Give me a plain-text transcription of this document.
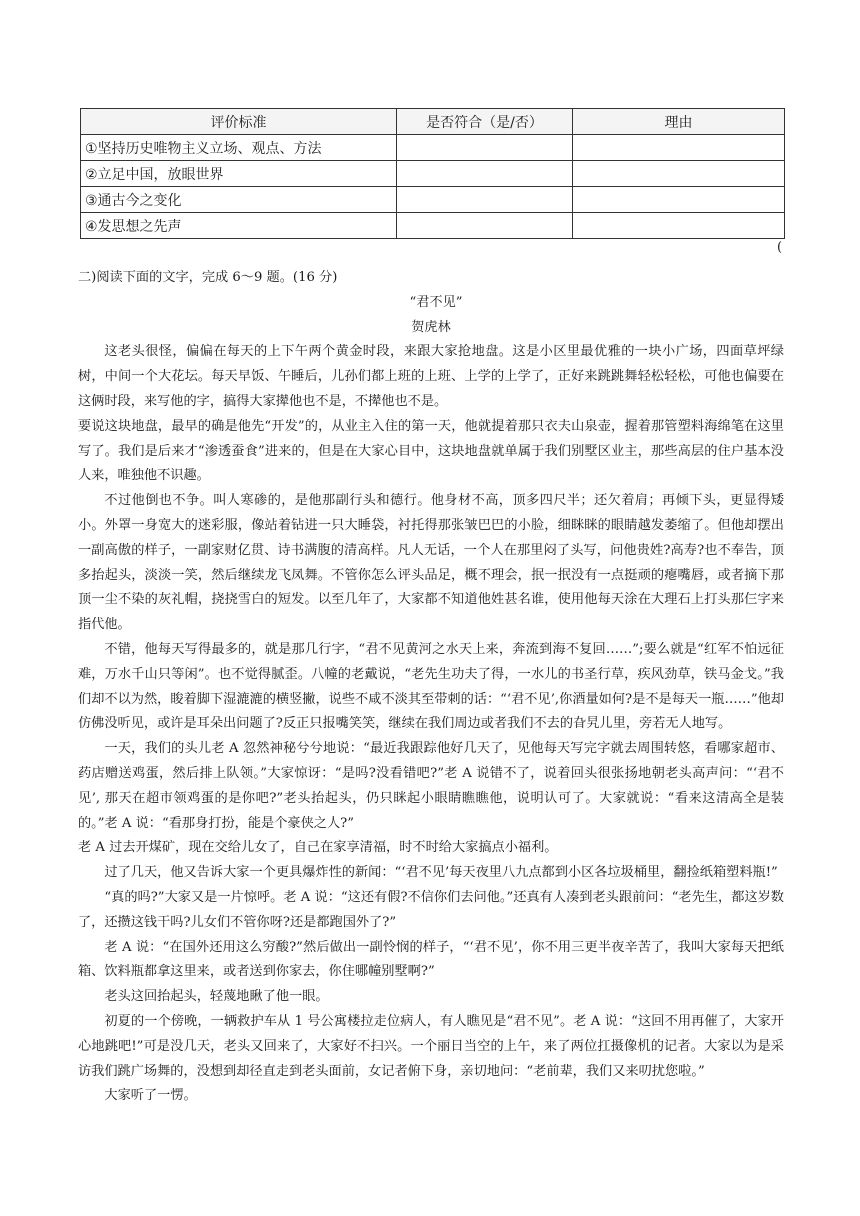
评价标准	是否符合（是/否）	理由
①坚持历史唯物主义立场、观点、方法		
②立足中国，放眼世界		
③通古今之变化		
④发思想之先声		
(

二)阅读下面的文字，完成 6～9 题。(16 分)

“君不见”

贺虎林

这老头很怪，偏偏在每天的上下午两个黄金时段，来跟大家抢地盘。这是小区里最优雅的一块小广场，四面草坪绿树，中间一个大花坛。每天早饭、午睡后，儿孙们都上班的上班、上学的上学了，正好来跳跳舞轻松轻松，可他也偏要在这俩时段，来写他的字，搞得大家撵他也不是，不撵他也不是。

要说这块地盘，最早的确是他先“开发”的，从业主入住的第一天，他就提着那只衣夫山泉壶，握着那管塑料海绵笔在这里写了。我们是后来才“渗透蚕食”进来的，但是在大家心目中，这块地盘就单属于我们别墅区业主，那些高层的住户基本没人来，唯独他不识趣。

不过他倒也不争。叫人寒碜的，是他那副行头和德行。他身材不高，顶多四尺半；还欠着肩；再倾下头，更显得矮小。外罩一身宽大的迷彩服，像站着钻进一只大睡袋，衬托得那张皱巴巴的小脸，细眯眯的眼睛越发萎缩了。但他却摆出一副高傲的样子，一副家财亿贯、诗书满腹的清高样。凡人无话，一个人在那里闷了头写，问他贵姓?高寿?也不奉告，顶多抬起头，淡淡一笑，然后继续龙飞凤舞。不管你怎么评头品足，概不理会，抿一抿没有一点挺顽的瘪嘴唇，或者摘下那顶一尘不染的灰礼帽，挠挠雪白的短发。以至几年了，大家都不知道他姓甚名谁，使用他每天涂在大理石上打头那仨字来指代他。

不错，他每天写得最多的，就是那几行字，“君不见黄河之水天上来，奔流到海不复回……”;要么就是“红军不怕远征难，万水千山只等闲”。也不觉得腻歪。八幢的老戴说，“老先生功夫了得，一水儿的书圣行草，疾风劲草，铁马金戈。”我们却不以为然，睃着脚下湿漉漉的横竖撇，说些不咸不淡其至带刺的话：“‘君不见’,你酒量如何?是不是每天一瓶……”他却仿佛没听见，或许是耳朵出问题了?反正只报嘴笑笑，继续在我们周边或者我们不去的旮旯儿里，旁若无人地写。

一天，我们的头儿老 A 忽然神秘兮兮地说：“最近我跟踪他好几天了，见他每天写完字就去周围转悠，看哪家超市、药店赠送鸡蛋，然后排上队领。”大家惊讶：“是吗?没看错吧?”老 A 说错不了，说着回头很张扬地朝老头高声问：“‘君不见’, 那天在超市领鸡蛋的是你吧?”老头抬起头，仍只眯起小眼睛瞧瞧他，说明认可了。大家就说：“看来这清高全是装的。”老 A 说：“看那身打扮，能是个豪侠之人?”

老 A 过去开煤矿，现在交给儿女了，自己在家享清福，时不时给大家搞点小福利。

过了几天，他又告诉大家一个更具爆炸性的新闻：“‘君不见’每天夜里八九点都到小区各垃圾桶里，翻捡纸箱塑料瓶!”

“真的吗?”大家又是一片惊呼。老 A 说：“这还有假?不信你们去问他。”还真有人凑到老头跟前问：“老先生，都这岁数了，还攒这钱干吗?儿女们不管你呀?还是都跑国外了?”

老 A 说：“在国外还用这么穷酸?”然后做出一副怜悯的样子，“‘君不见’，你不用三更半夜辛苦了，我叫大家每天把纸箱、饮料瓶都拿这里来，或者送到你家去，你住哪幢别墅啊?”

老头这回抬起头，轻蔑地瞅了他一眼。

初夏的一个傍晚，一辆救护车从 1 号公寓楼拉走位病人，有人瞧见是“君不见”。老 A 说：“这回不用再催了，大家开心地跳吧!”可是没几天，老头又回来了，大家好不扫兴。一个丽日当空的上午，来了两位扛摄像机的记者。大家以为是采访我们跳广场舞的，没想到却径直走到老头面前，女记者俯下身，亲切地问：“老前辈，我们又来叨扰您啦。”

大家听了一愣。
